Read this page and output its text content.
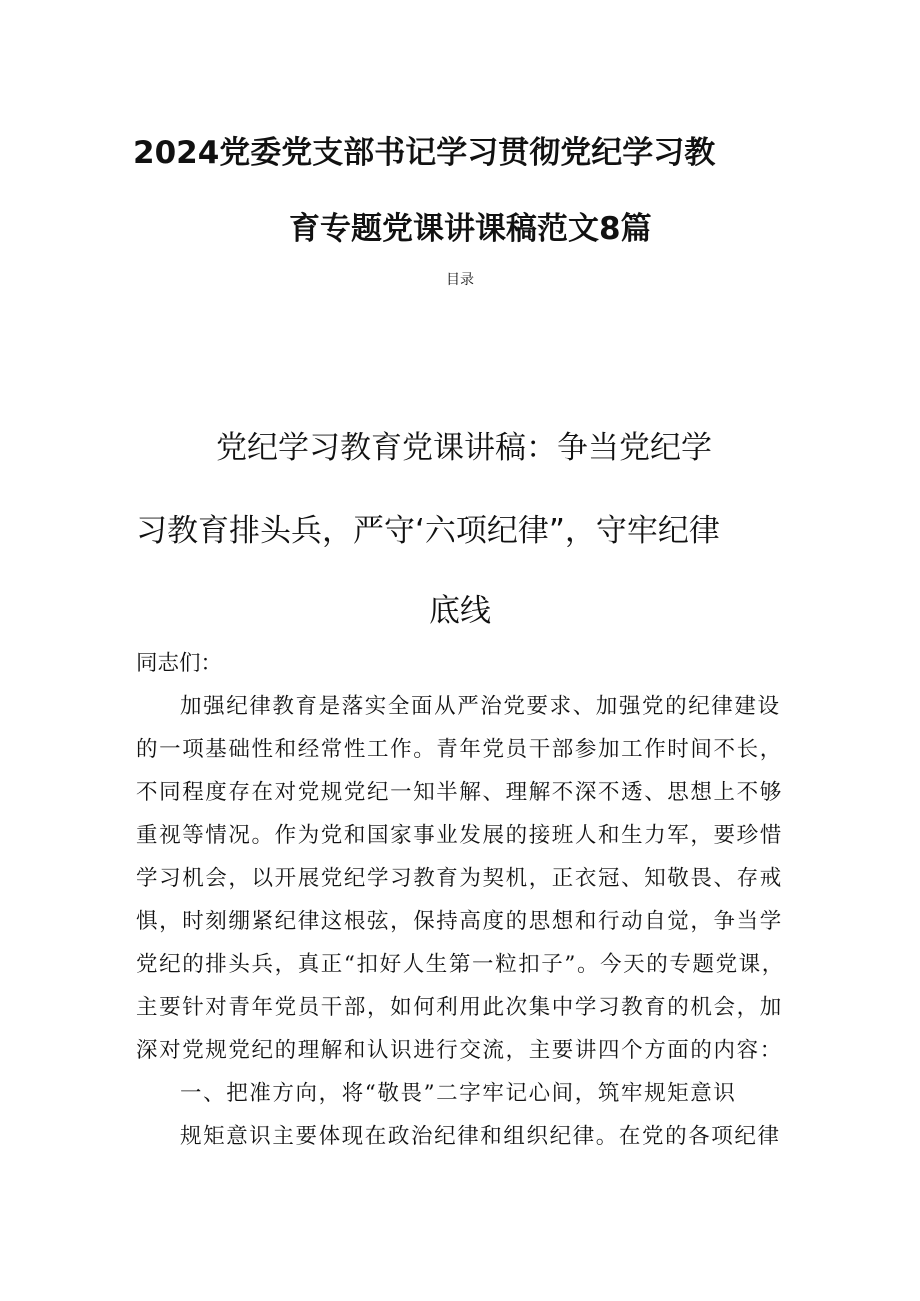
2024党委党支部书记学习贯彻党纪学习教
育专题党课讲课稿范文8篇
目录
党纪学习教育党课讲稿：争当党纪学
习教育排头兵，严守‘六项纪律”，守牢纪律
底线
同志们：
加强纪律教育是落实全面从严治党要求、加强党的纪律建设
的一项基础性和经常性工作。青年党员干部参加工作时间不长，
不同程度存在对党规党纪一知半解、理解不深不透、思想上不够
重视等情况。作为党和国家事业发展的接班人和生力军，要珍惜
学习机会，以开展党纪学习教育为契机，正衣冠、知敬畏、存戒
惧，时刻绷紧纪律这根弦，保持高度的思想和行动自觉，争当学
党纪的排头兵，真正“扣好人生第一粒扣子”。今天的专题党课，
主要针对青年党员干部，如何利用此次集中学习教育的机会，加
深对党规党纪的理解和认识进行交流，主要讲四个方面的内容：
一、把准方向，将“敬畏”二字牢记心间，筑牢规矩意识
规矩意识主要体现在政治纪律和组织纪律。在党的各项纪律
